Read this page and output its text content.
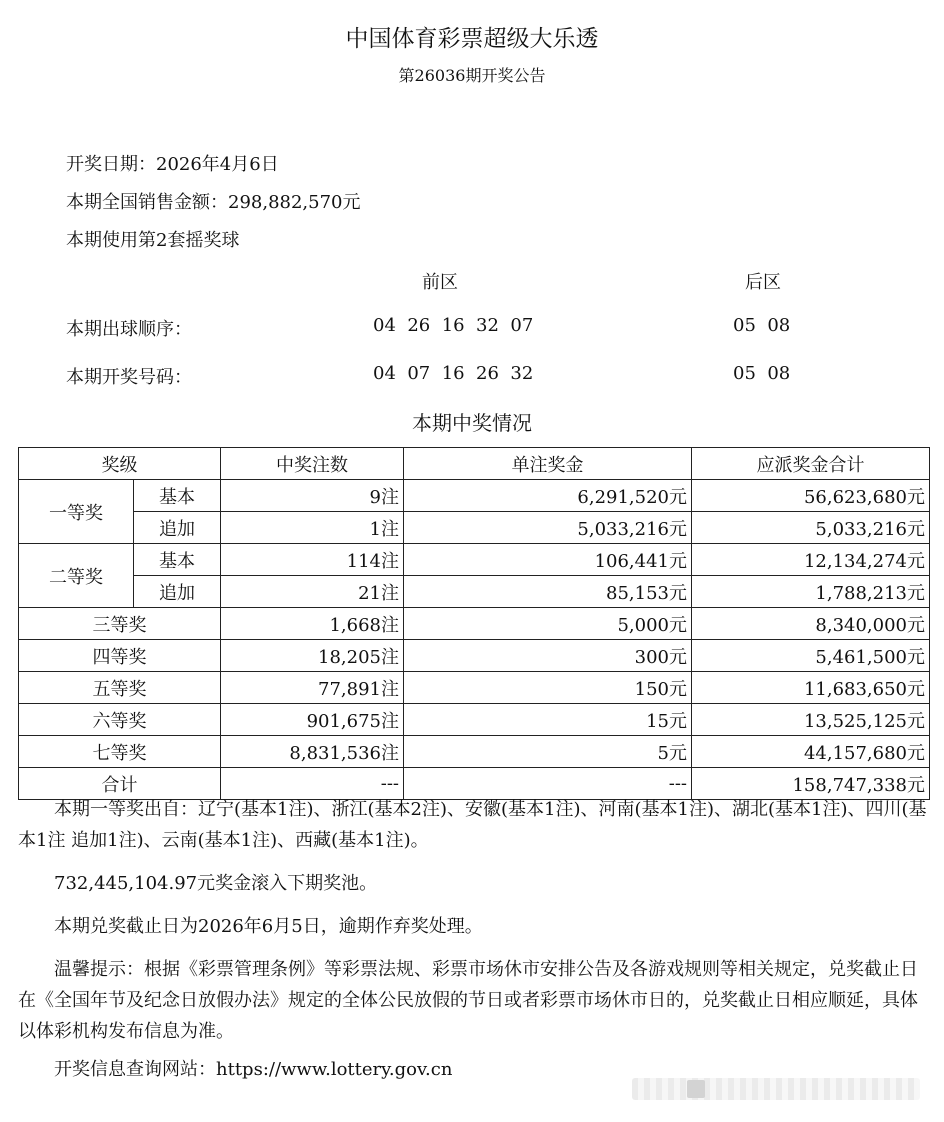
中国体育彩票超级大乐透
第26036期开奖公告
开奖日期：2026年4月6日
本期全国销售金额：298,882,570元
本期使用第2套摇奖球
前区	后区
本期出球顺序：	04  26  16  32  07	05  08
本期开奖号码：	04  07  16  26  32	05  08
本期中奖情况
奖级		中奖注数	单注奖金	应派奖金合计
一等奖	基本	9注	6,291,520元	56,623,680元
	追加	1注	5,033,216元	5,033,216元
二等奖	基本	114注	106,441元	12,134,274元
	追加	21注	85,153元	1,788,213元
三等奖		1,668注	5,000元	8,340,000元
四等奖		18,205注	300元	5,461,500元
五等奖		77,891注	150元	11,683,650元
六等奖		901,675注	15元	13,525,125元
七等奖		8,831,536注	5元	44,157,680元
合计		---	---	158,747,338元
本期一等奖出自：辽宁(基本1注)、浙江(基本2注)、安徽(基本1注)、河南(基本1注)、湖北(基本1注)、四川(基本1注 追加1注)、云南(基本1注)、西藏(基本1注)。
732,445,104.97元奖金滚入下期奖池。
本期兑奖截止日为2026年6月5日，逾期作弃奖处理。
温馨提示：根据《彩票管理条例》等彩票法规、彩票市场休市安排公告及各游戏规则等相关规定，兑奖截止日在《全国年节及纪念日放假办法》规定的全体公民放假的节日或者彩票市场休市日的，兑奖截止日相应顺延，具体以体彩机构发布信息为准。
开奖信息查询网站：https://www.lottery.gov.cn
